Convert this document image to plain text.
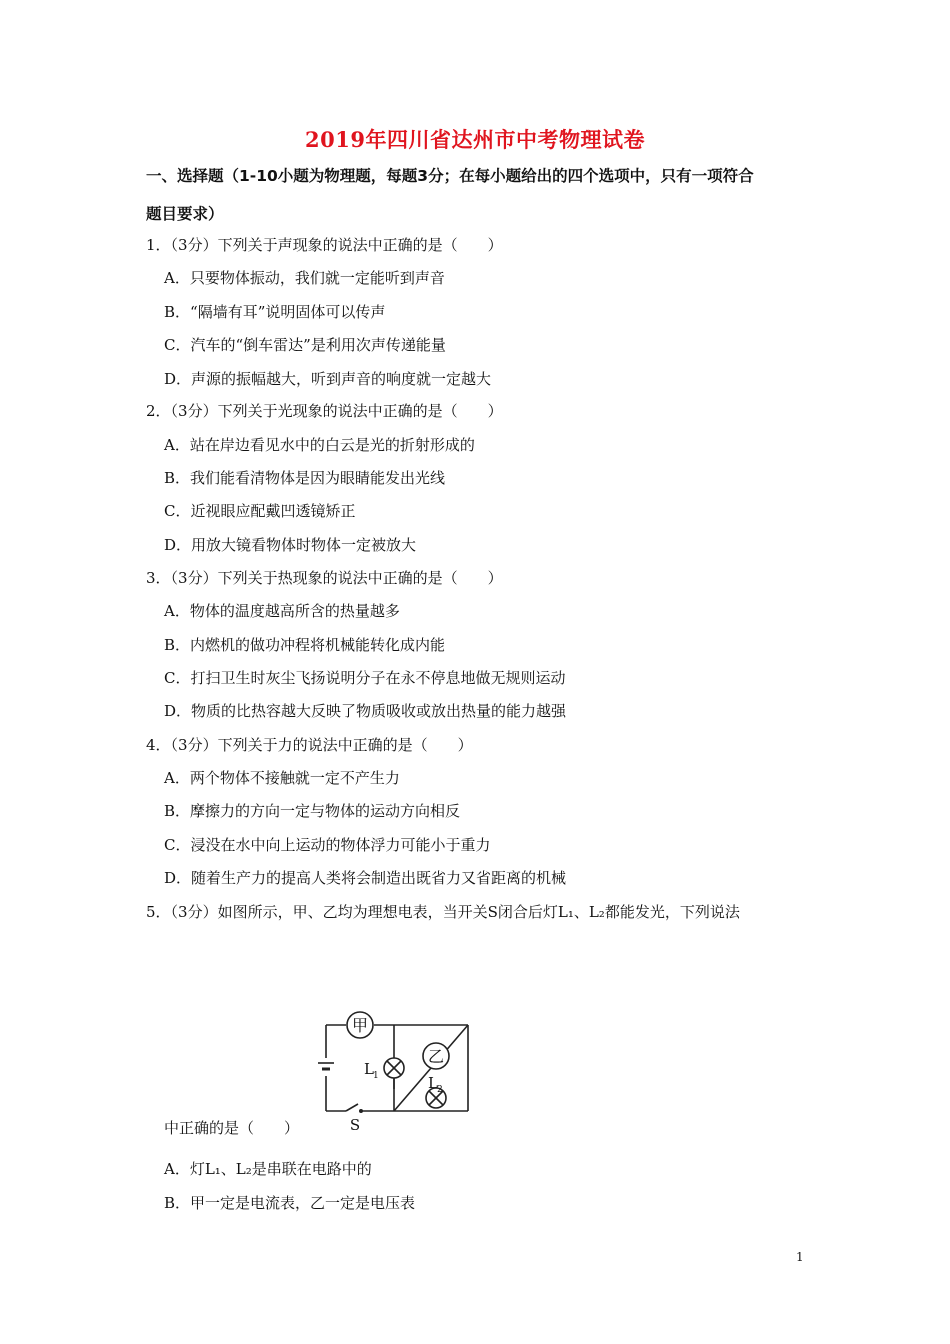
2019年四川省达州市中考物理试卷
一、选择题（1-10小题为物理题，每题3分；在每小题给出的四个选项中，只有一项符合
题目要求）
1．（3分）下列关于声现象的说法中正确的是（　　）
A．只要物体振动，我们就一定能听到声音
B．“隔墙有耳”说明固体可以传声
C．汽车的“倒车雷达”是利用次声传递能量
D．声源的振幅越大，听到声音的响度就一定越大
2．（3分）下列关于光现象的说法中正确的是（　　）
A．站在岸边看见水中的白云是光的折射形成的
B．我们能看清物体是因为眼睛能发出光线
C．近视眼应配戴凹透镜矫正
D．用放大镜看物体时物体一定被放大
3．（3分）下列关于热现象的说法中正确的是（　　）
A．物体的温度越高所含的热量越多
B．内燃机的做功冲程将机械能转化成内能
C．打扫卫生时灰尘飞扬说明分子在永不停息地做无规则运动
D．物质的比热容越大反映了物质吸收或放出热量的能力越强
4．（3分）下列关于力的说法中正确的是（　　）
A．两个物体不接触就一定不产生力
B．摩擦力的方向一定与物体的运动方向相反
C．浸没在水中向上运动的物体浮力可能小于重力
D．随着生产力的提高人类将会制造出既省力又省距离的机械
5．（3分）如图所示，甲、乙均为理想电表，当开关S闭合后灯L₁、L₂都能发光，下列说法
甲
L 1
乙
L 2
S
中正确的是（　　）
A．灯L₁、L₂是串联在电路中的
B．甲一定是电流表，乙一定是电压表
1
